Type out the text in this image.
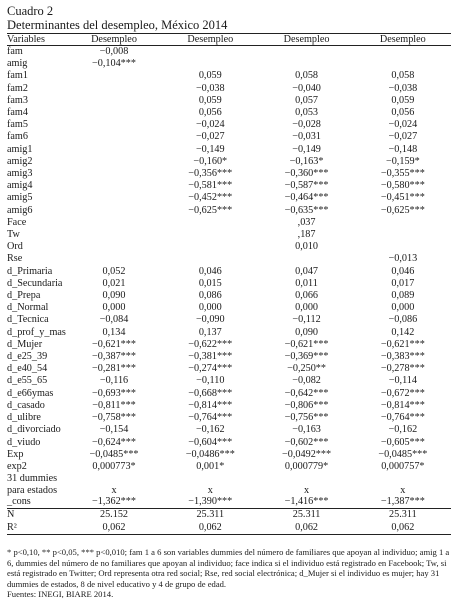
Cuadro 2
Determinantes del desempleo, México 2014
Variables	Desempleo	Desempleo	Desempleo	Desempleo
fam	−0,008			
amig	−0,104***			
fam1		0,059	0,058	0,058
fam2		−0,038	−0,040	−0,038
fam3		0,059	0,057	0,059
fam4		0,056	0,053	0,056
fam5		−0,024	−0,028	−0,024
fam6		−0,027	−0,031	−0,027
amig1		−0,149	−0,149	−0,148
amig2		−0,160*	−0,163*	−0,159*
amig3		−0,356***	−0,360***	−0,355***
amig4		−0,581***	−0,587***	−0,580***
amig5		−0,452***	−0,464***	−0,451***
amig6		−0,625***	−0,635***	−0,625***
Face			,037	
Tw			,187	
Ord			0,010	
Rse				−0,013
d_Primaria	0,052	0,046	0,047	0,046
d_Secundaria	0,021	0,015	0,011	0,017
d_Prepa	0,090	0,086	0,066	0,089
d_Normal	0,000	0,000	0,000	0,000
d_Tecnica	−0,084	−0,090	−0,112	−0,086
d_prof_y_mas	0,134	0,137	0,090	0,142
d_Mujer	−0,621***	−0,622***	−0,621***	−0,621***
d_e25_39	−0,387***	−0,381***	−0,369***	−0,383***
d_e40_54	−0,281***	−0,274***	−0,250**	−0,278***
d_e55_65	−0,116	−0,110	−0,082	−0,114
d_e66ymas	−0,693***	−0,668***	−0,642***	−0,672***
d_casado	−0,811***	−0,814***	−0,806***	−0,814***
d_ulibre	−0,758***	−0,764***	−0,756***	−0,764***
d_divorciado	−0,154	−0,162	−0,163	−0,162
d_viudo	−0,624***	−0,604***	−0,602***	−0,605***
Exp	−0,0485***	−0,0486***	−0,0492***	−0,0485***
exp2	0,000773*	0,001*	0,000779*	0,000757*
31 dummies				
para estados	x	x	x	x
_cons	−1,362***	−1,390***	−1,416***	−1,387***
N	25.152	25.311	25.311	25.311
R²	0,062	0,062	0,062	0,062
* p<0,10, ** p<0,05, *** p<0,010; fam 1 a 6 son variables dummies del número de familiares que apoyan al individuo; amig 1 a 6, dummies del número de no familiares que apoyan al individuo; face indica si el individuo está registrado en Facebook; Tw, si está registrado en Twitter; Ord representa otra red social; Rse, red social electrónica; d_Mujer si el individuo es mujer; hay 31 dummies de estados, 8 de nivel educativo y 4 de grupo de edad.
Fuentes: INEGI, BIARE 2014.
